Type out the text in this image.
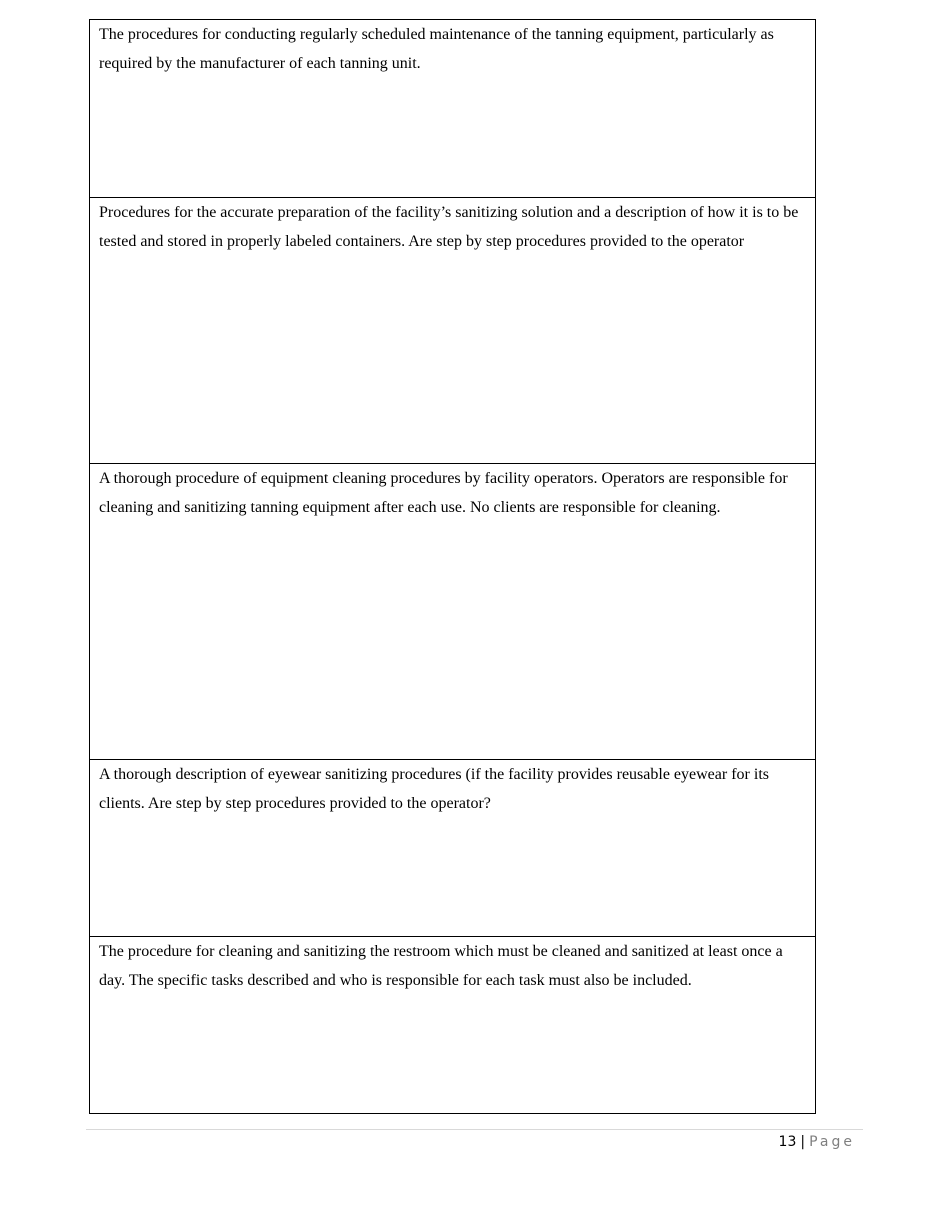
The procedures for conducting regularly scheduled maintenance of the tanning equipment, particularly as required by the manufacturer of each tanning unit.

Procedures for the accurate preparation of the facility’s sanitizing solution and a description of how it is to be tested and stored in properly labeled containers. Are step by step procedures provided to the operator

A thorough procedure of equipment cleaning procedures by facility operators. Operators are responsible for cleaning and sanitizing tanning equipment after each use. No clients are responsible for cleaning.

A thorough description of eyewear sanitizing procedures (if the facility provides reusable eyewear for its clients. Are step by step procedures provided to the operator?

The procedure for cleaning and sanitizing the restroom which must be cleaned and sanitized at least once a day. The specific tasks described and who is responsible for each task must also be included.

13 | Page
